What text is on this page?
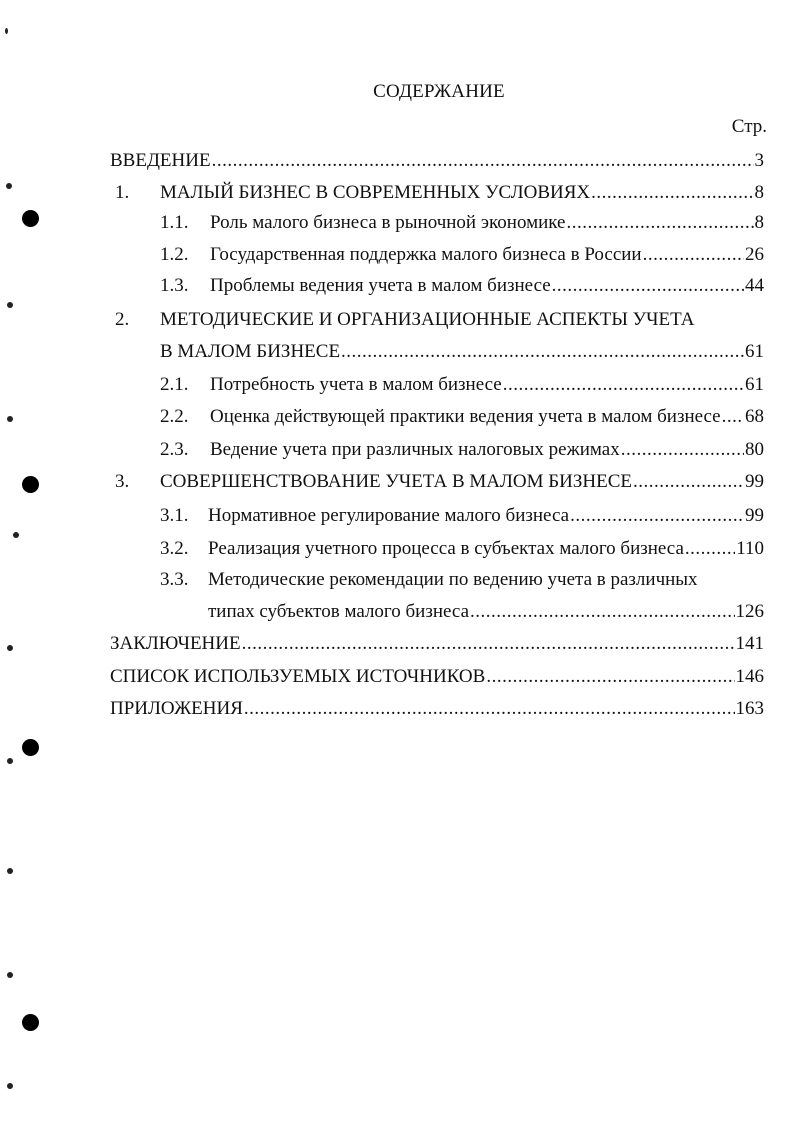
СОДЕРЖАНИЕ
Стр.
ВВЕДЕНИЕ .....	3
1. МАЛЫЙ БИЗНЕС В СОВРЕМЕННЫХ УСЛОВИЯХ .....	8
1.1. Роль малого бизнеса в рыночной экономике .....	8
1.2. Государственная поддержка малого бизнеса в России .....	26
1.3. Проблемы ведения учета в малом бизнесе .....	44
2. МЕТОДИЧЕСКИЕ И ОРГАНИЗАЦИОННЫЕ АСПЕКТЫ УЧЕТА
В МАЛОМ БИЗНЕСЕ .....	61
2.1. Потребность учета в малом бизнесе .....	61
2.2. Оценка действующей практики ведения учета в малом бизнесе ..... 68
2.3. Ведение учета при различных налоговых режимах .....	80
3. СОВЕРШЕНСТВОВАНИЕ УЧЕТА В МАЛОМ БИЗНЕСЕ .....	99
3.1. Нормативное регулирование малого бизнеса .....	99
3.2. Реализация учетного процесса в субъектах малого бизнеса .....	110
3.3. Методические рекомендации по ведению учета в различных
типах субъектов малого бизнеса .....	126
ЗАКЛЮЧЕНИЕ .....	141
СПИСОК ИСПОЛЬЗУЕМЫХ ИСТОЧНИКОВ .....	146
ПРИЛОЖЕНИЯ .....	163
